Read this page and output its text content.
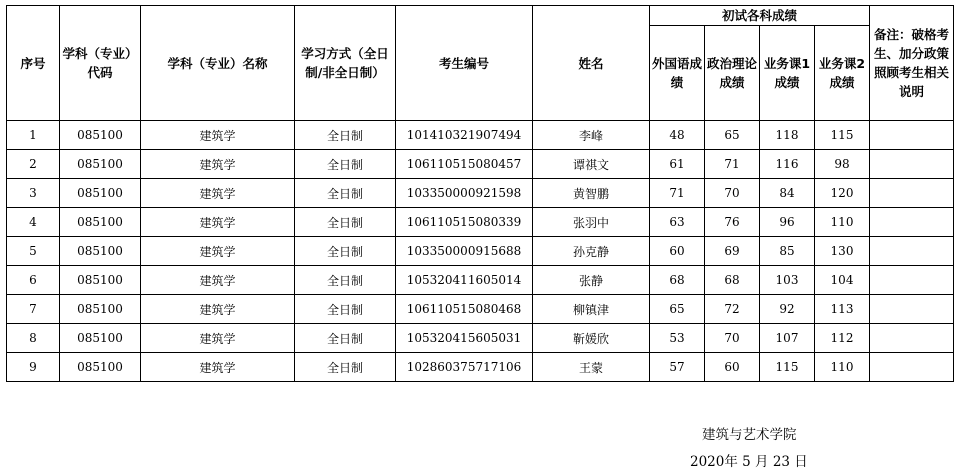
序号	学科（专业）代码	学科（专业）名称	学习方式（全日制/非全日制）	考生编号	姓名	初试各科成绩				备注：破格考生、加分政策照顾考生相关说明
						外国语成绩	政治理论成绩	业务课1成绩	业务课2成绩	
1	085100	建筑学	全日制	101410321907494	李峰	48	65	118	115	
2	085100	建筑学	全日制	106110515080457	谭祺文	61	71	116	98	
3	085100	建筑学	全日制	103350000921598	黄智鹏	71	70	84	120	
4	085100	建筑学	全日制	106110515080339	张羽中	63	76	96	110	
5	085100	建筑学	全日制	103350000915688	孙克静	60	69	85	130	
6	085100	建筑学	全日制	105320411605014	张静	68	68	103	104	
7	085100	建筑学	全日制	106110515080468	柳镇津	65	72	92	113	
8	085100	建筑学	全日制	105320415605031	靳媛欣	53	70	107	112	
9	085100	建筑学	全日制	102860375717106	王蒙	57	60	115	110	
建筑与艺术学院
2020年 5 月 23 日
